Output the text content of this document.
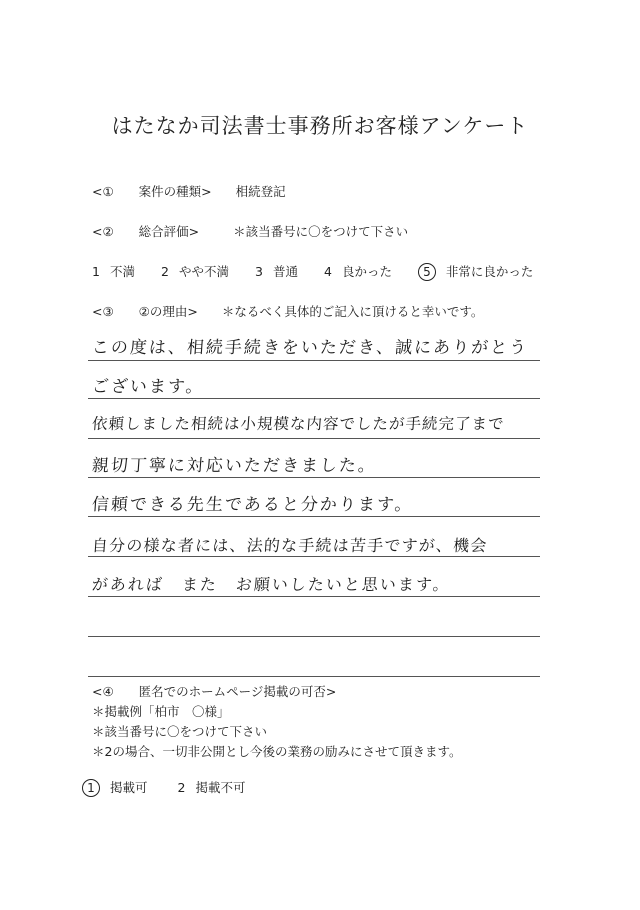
はたなか司法書士事務所お客様アンケート
<①　　案件の種類> 相続登記
<②　　総合評価>	＊該当番号に〇をつけて下さい
1 不満 2 やや不満 3 普通 4 良かった	5 非常に良かった
<③　　②の理由> ＊なるべく具体的ご記入に頂けると幸いです。
この度は、相続手続きをいただき、誠にありがとう
ございます。
依頼しました相続は小規模な内容でしたが手続完了まで
親切丁寧に対応いただきました。
信頼できる先生であると分かります。
自分の様な者には、法的な手続は苦手ですが、機会
があれば　また　お願いしたいと思います。
<④　　匿名でのホームページ掲載の可否>
＊掲載例「柏市　〇様」
＊該当番号に〇をつけて下さい
＊2の場合、一切非公開とし今後の業務の励みにさせて頂きます。
1 掲載可 2 掲載不可
